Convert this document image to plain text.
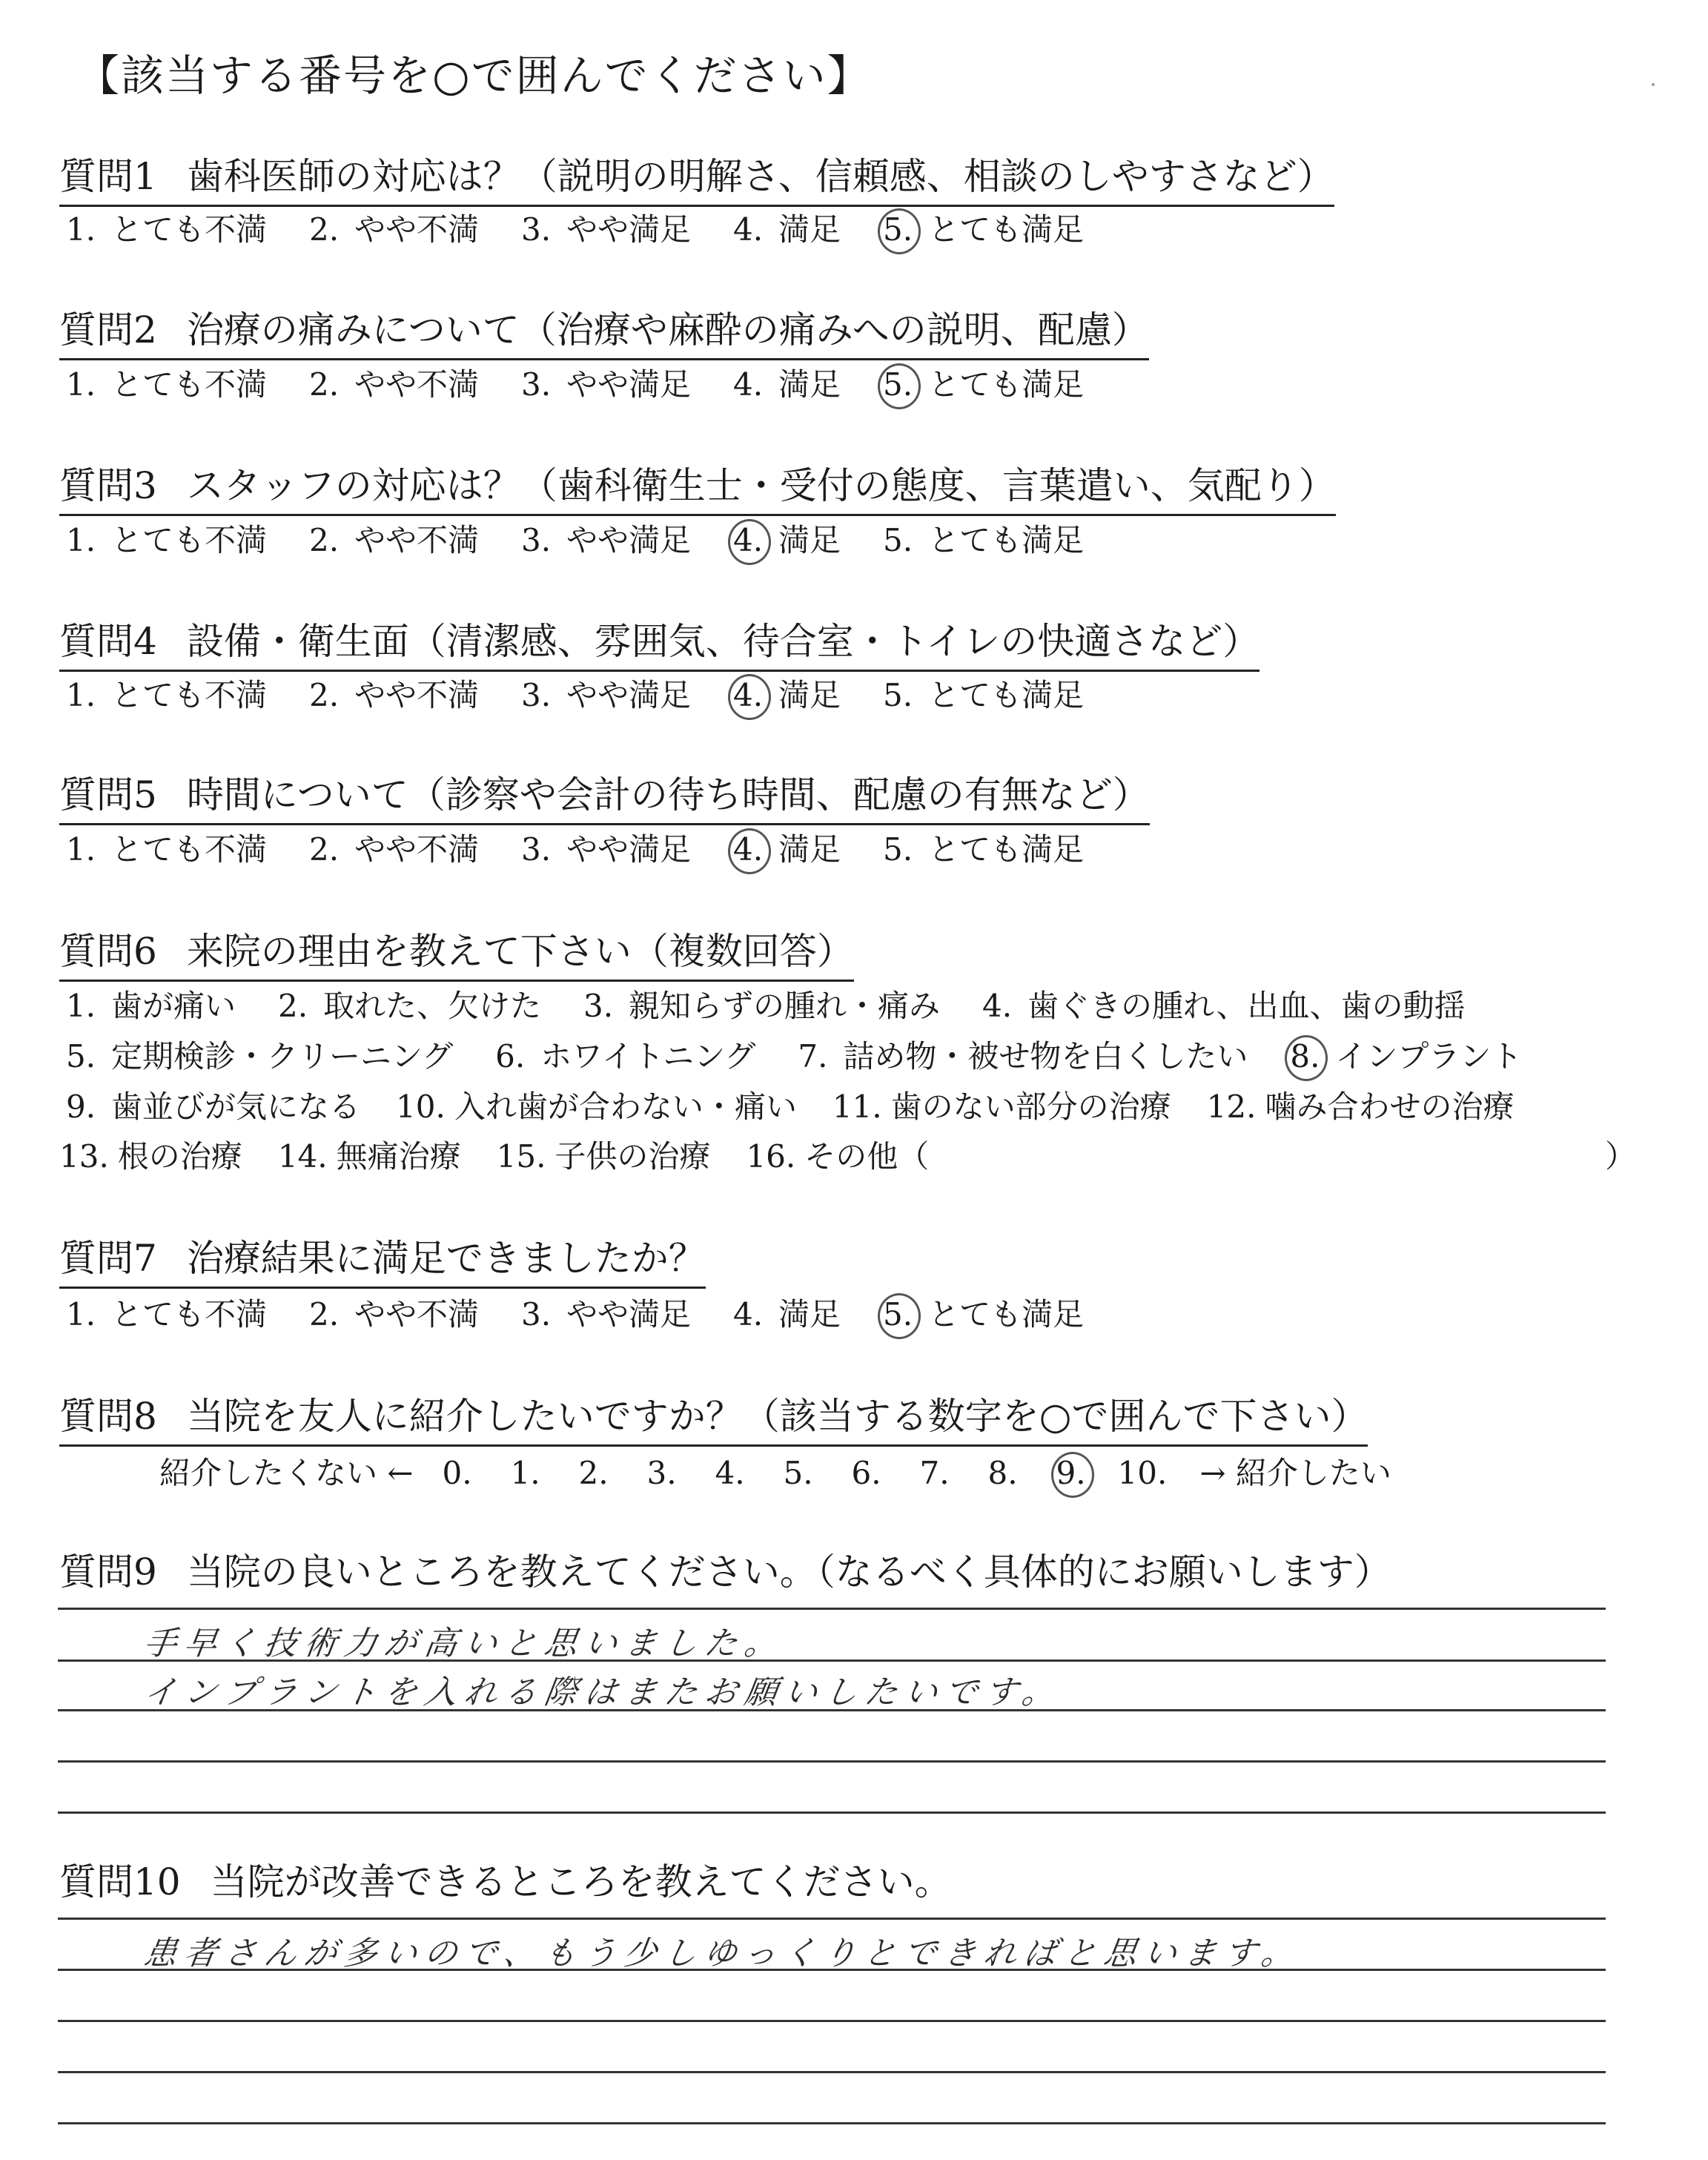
【該当する番号を○で囲んでください】
質問1 歯科医師の対応は？（説明の明解さ、信頼感、相談のしやすさなど）
1. とても不満 2. やや不満 3. やや満足 4. 満足 5. とても満足
質問2 治療の痛みについて（治療や麻酔の痛みへの説明、配慮）
1. とても不満 2. やや不満 3. やや満足 4. 満足 5. とても満足
質問3 スタッフの対応は？（歯科衛生士・受付の態度、言葉遣い、気配り）
1. とても不満 2. やや不満 3. やや満足 4. 満足 5. とても満足
質問4 設備・衛生面（清潔感、雰囲気、待合室・トイレの快適さなど）
1. とても不満 2. やや不満 3. やや満足 4. 満足 5. とても満足
質問5 時間について（診察や会計の待ち時間、配慮の有無など）
1. とても不満 2. やや不満 3. やや満足 4. 満足 5. とても満足
質問6 来院の理由を教えて下さい（複数回答）
1. 歯が痛い 2. 取れた、欠けた 3. 親知らずの腫れ・痛み 4. 歯ぐきの腫れ、出血、歯の動揺
5. 定期検診・クリーニング 6. ホワイトニング 7. 詰め物・被せ物を白くしたい 8. インプラント
9. 歯並びが気になる 10. 入れ歯が合わない・痛い 11. 歯のない部分の治療 12. 噛み合わせの治療
13. 根の治療 14. 無痛治療 15. 子供の治療 16. その他（	）
質問7 治療結果に満足できましたか？
1. とても不満 2. やや不満 3. やや満足 4. 満足 5. とても満足
質問8 当院を友人に紹介したいですか？（該当する数字を○で囲んで下さい）
紹介したくない ← 0. 1. 2. 3. 4. 5. 6. 7. 8. 9. 10. → 紹介したい
質問9 当院の良いところを教えてください。（なるべく具体的にお願いします）
手早く技術力が高いと思いました。
インプラントを入れる際はまたお願いしたいです。
質問10 当院が改善できるところを教えてください。
患者さんが多いので、もう少しゆっくりとできればと思います。
